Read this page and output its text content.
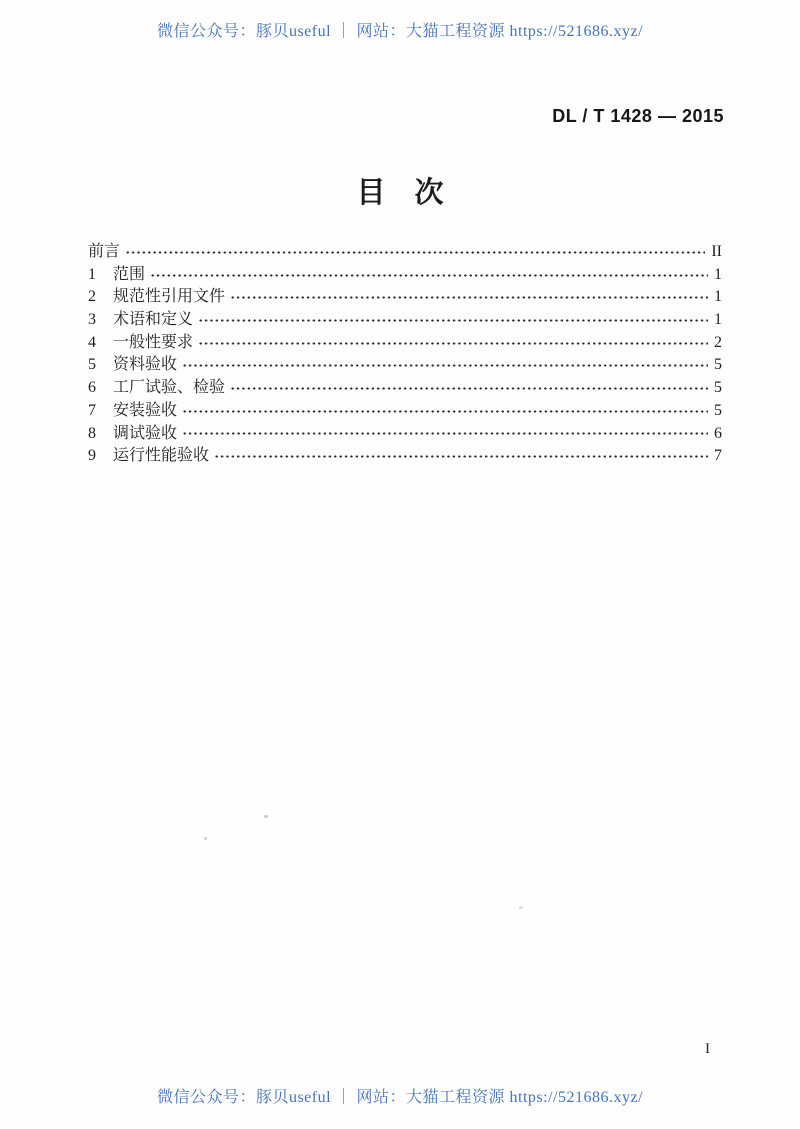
微信公众号：豚贝useful ｜ 网站：大猫工程资源 https://521686.xyz/
DL / T 1428 — 2015
目　次
前言	II
1	范围	1
2	规范性引用文件	1
3	术语和定义	1
4	一般性要求	2
5	资料验收	5
6	工厂试验、检验	5
7	安装验收	5
8	调试验收	6
9	运行性能验收	7
I
微信公众号：豚贝useful ｜ 网站：大猫工程资源 https://521686.xyz/
